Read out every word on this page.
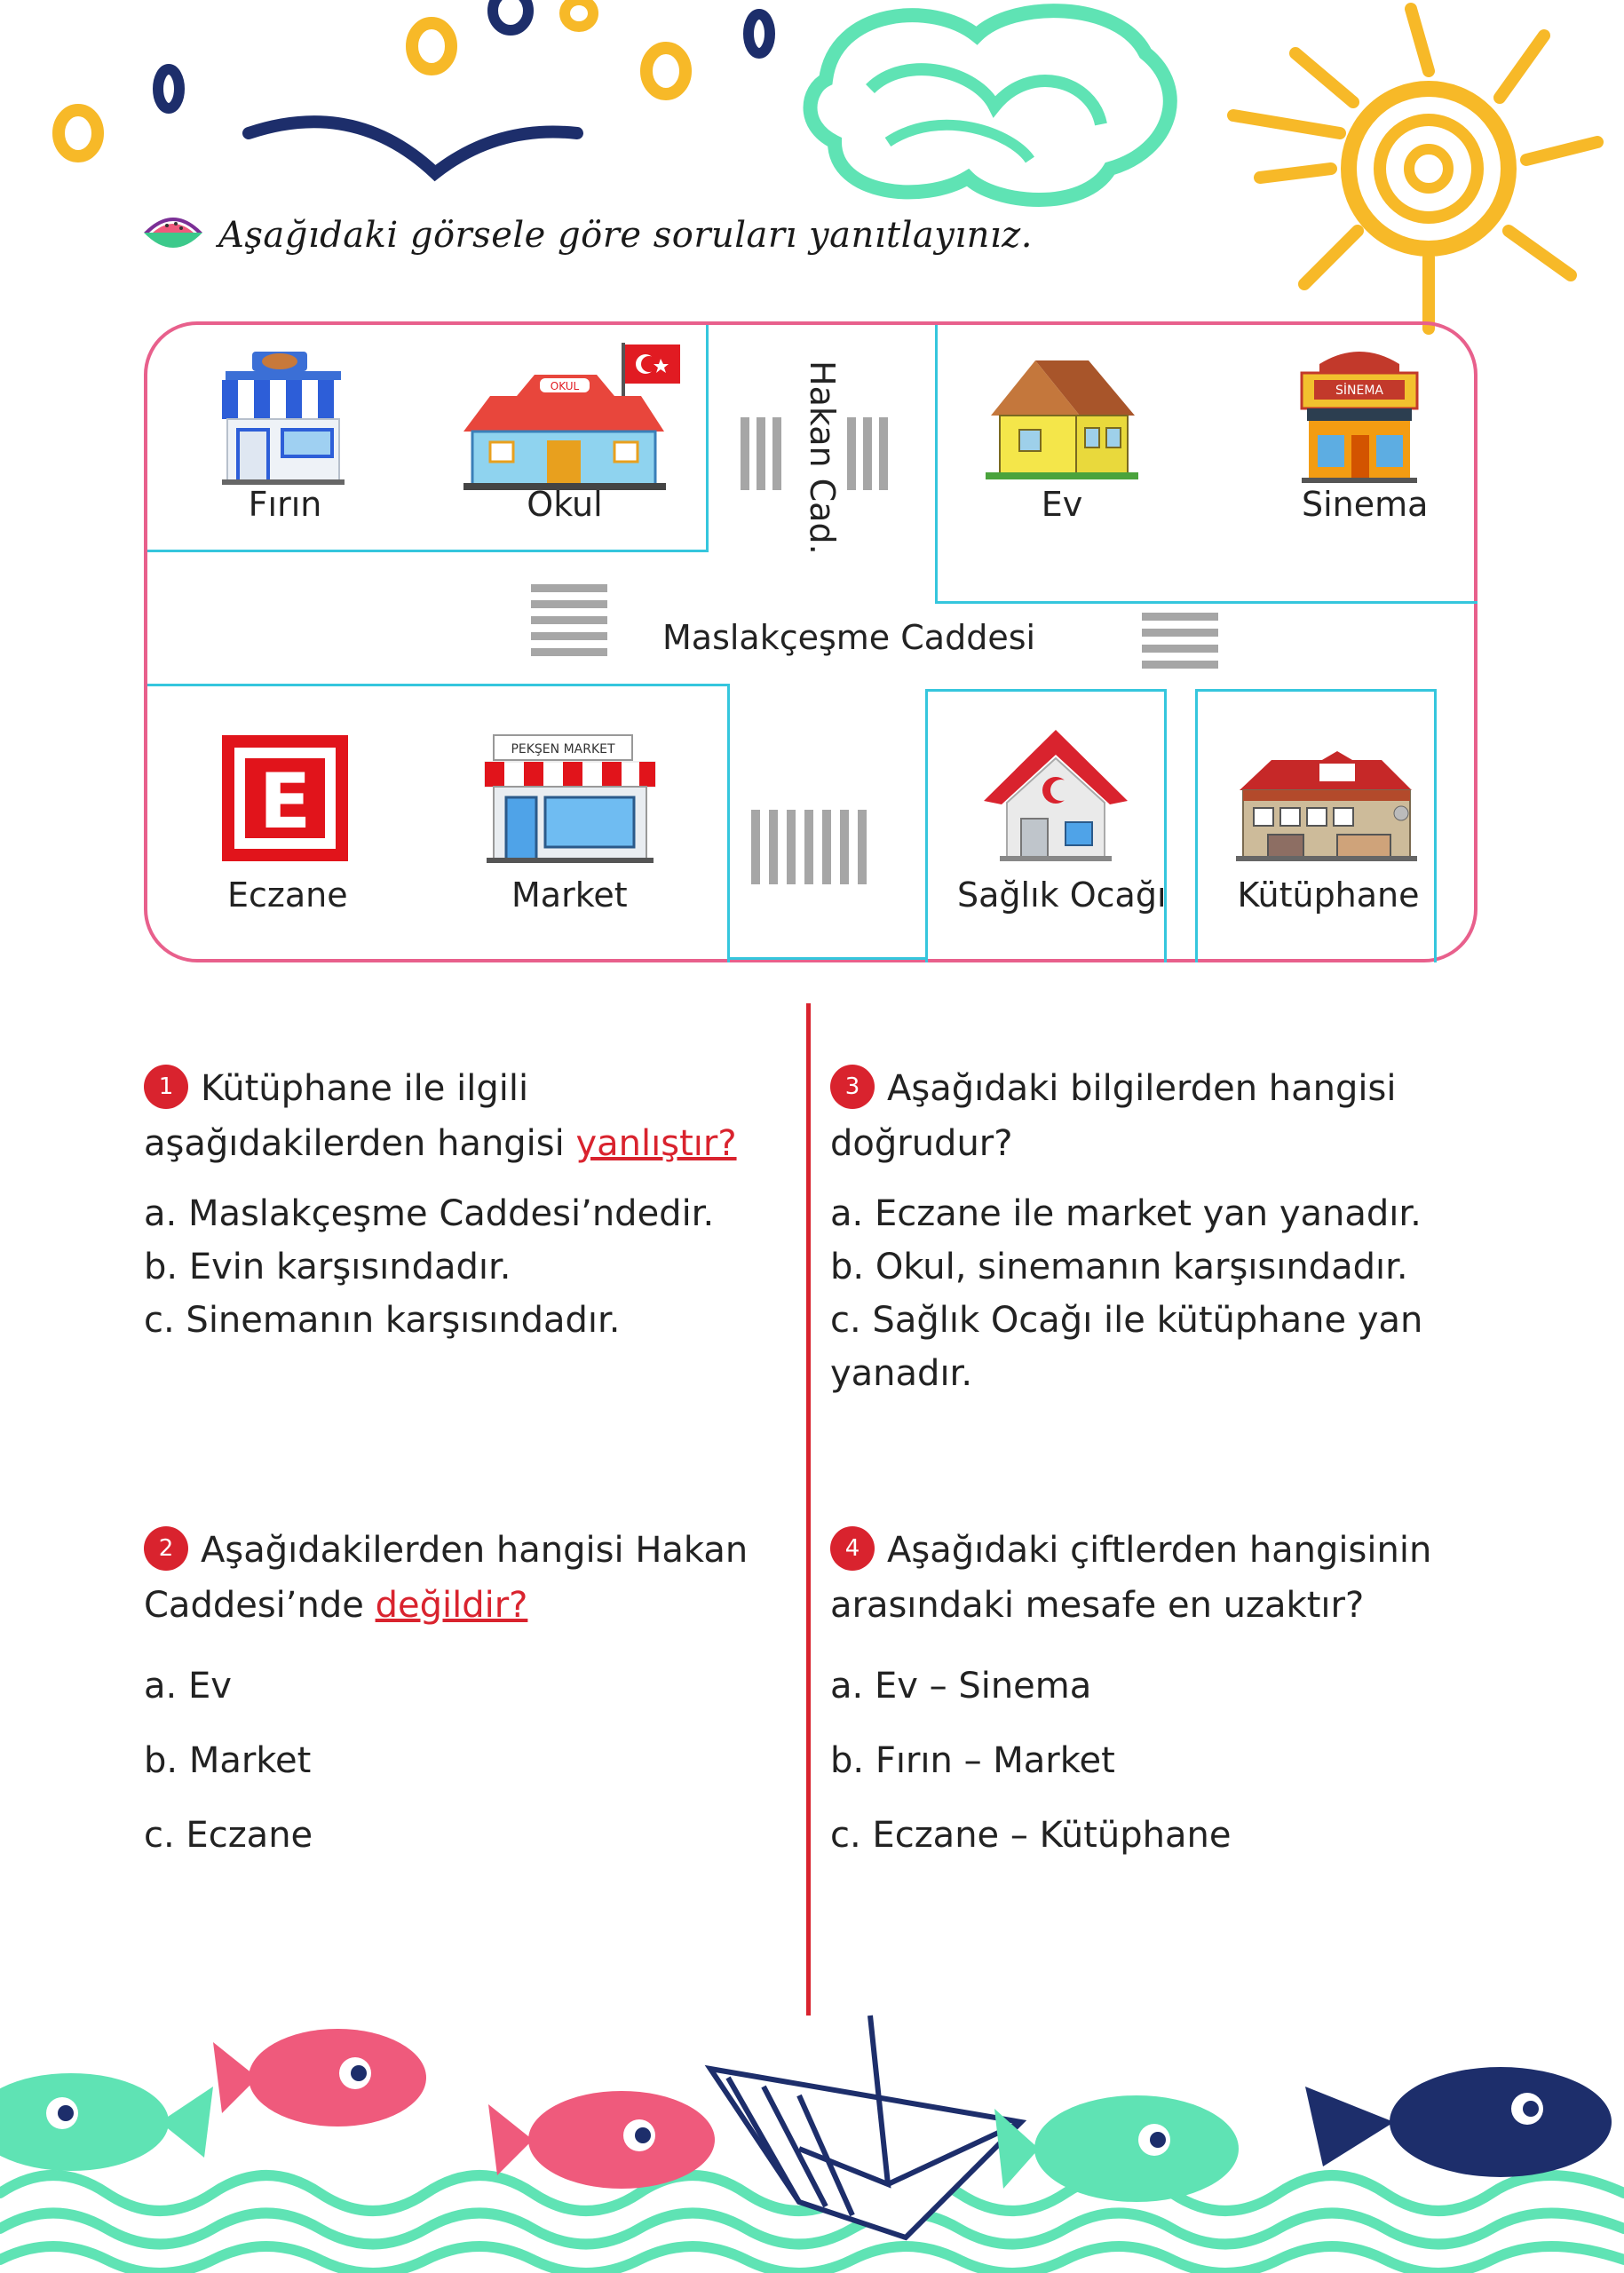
Aşağıdaki görsele göre soruları yanıtlayınız.
Fırın
OKUL
Okul	Hakan Cad.	Ev
SİNEMA
Sinema
Maslakçeşme Caddesi
E
Eczane
PEKŞEN MARKET
Market	Sağlık Ocağı	Kütüphane
1 Kütüphane ile ilgili aşağıdakilerden hangisi yanlıştır?

a. Maslakçeşme Caddesi’ndedir.

b. Evin karşısındadır.

c. Sinemanın karşısındadır.

3 Aşağıdaki bilgilerden hangisi doğrudur?

a. Eczane ile market yan yanadır.

b. Okul, sinemanın karşısındadır.

c. Sağlık Ocağı ile kütüphane yan yanadır.

2 Aşağıdakilerden hangisi Hakan Caddesi’nde değildir?

a. Ev

b. Market

c. Eczane

4 Aşağıdaki çiftlerden hangisinin arasındaki mesafe en uzaktır?

a. Ev – Sinema

b. Fırın – Market

c. Eczane – Kütüphane
